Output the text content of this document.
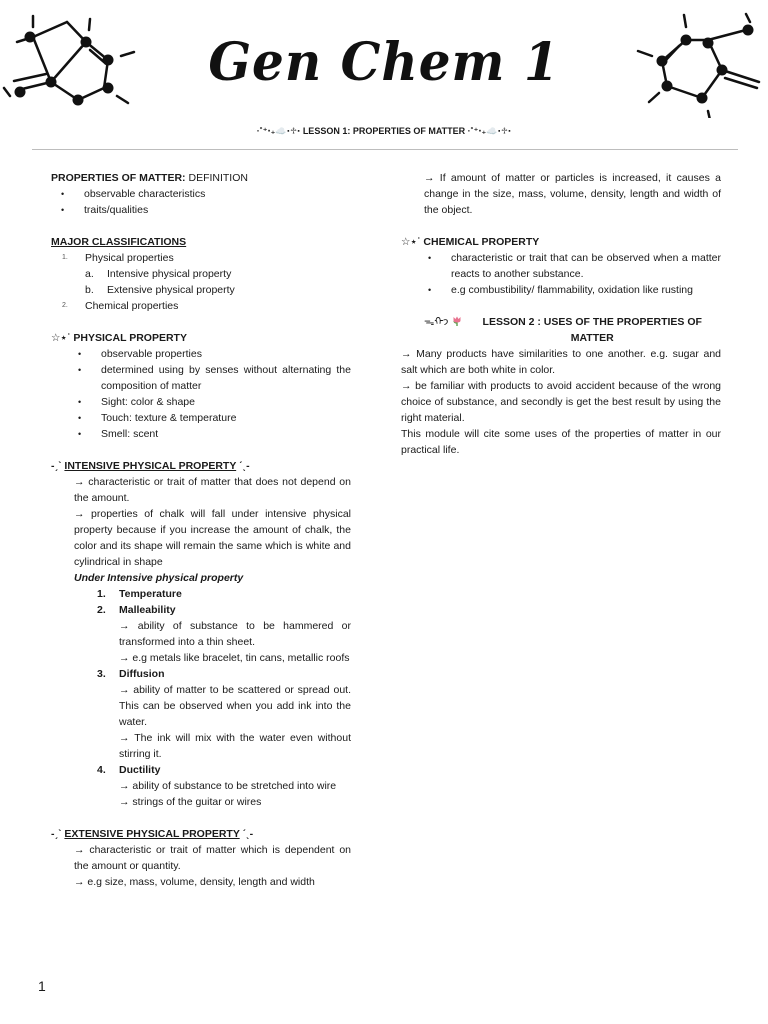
Gen Chem 1
·˚⁺‧₊☁️⋅♱⋅ LESSON 1: PROPERTIES OF MATTER ·˚⁺‧₊☁️⋅♱⋅
PROPERTIES OF MATTER: DEFINITION
• observable characteristics
• traits/qualities
MAJOR CLASSIFICATIONS
1. Physical properties
a. Intensive physical property
b. Extensive physical property
2. Chemical properties
☆⋆˙ PHYSICAL PROPERTY
• observable properties
• determined using by senses without alternating the composition of matter
• Sight: color & shape
• Touch: texture & temperature
• Smell: scent
-ˏˋ INTENSIVE PHYSICAL PROPERTY ˊˎ-
→ characteristic or trait of matter that does not depend on the amount.
→ properties of chalk will fall under intensive physical property because if you increase the amount of chalk, the color and its shape will remain the same which is white and cylindrical in shape
Under Intensive physical property
1. Temperature
2. Malleability
→ ability of substance to be hammered or transformed into a thin sheet.
→ e.g metals like bracelet, tin cans, metallic roofs
3. Diffusion
→ ability of matter to be scattered or spread out. This can be observed when you add ink into the water.
→ The ink will mix with the water even without stirring it.
4. Ductility
→ ability of substance to be stretched into wire
→ strings of the guitar or wires
-ˏˋ EXTENSIVE PHYSICAL PROPERTY ˊˎ-
→ characteristic or trait of matter which is dependent on the amount or quantity.
→ e.g size, mass, volume, density, length and width
→ If amount of matter or particles is increased, it causes a change in the size, mass, volume, density, length and width of the object.
☆⋆˙ CHEMICAL PROPERTY
• characteristic or trait that can be observed when a matter reacts to another substance.
• e.g combustibility/ flammability, oxidation like rusting
ᯓᡣ𐭩	LESSON 2 : USES OF THE PROPERTIES OF MATTER
→ Many products have similarities to one another. e.g. sugar and salt which are both white in color.
→ be familiar with products to avoid accident because of the wrong choice of substance, and secondly is get the best result by using the right material.
This module will cite some uses of the properties of matter in our practical life.
1
